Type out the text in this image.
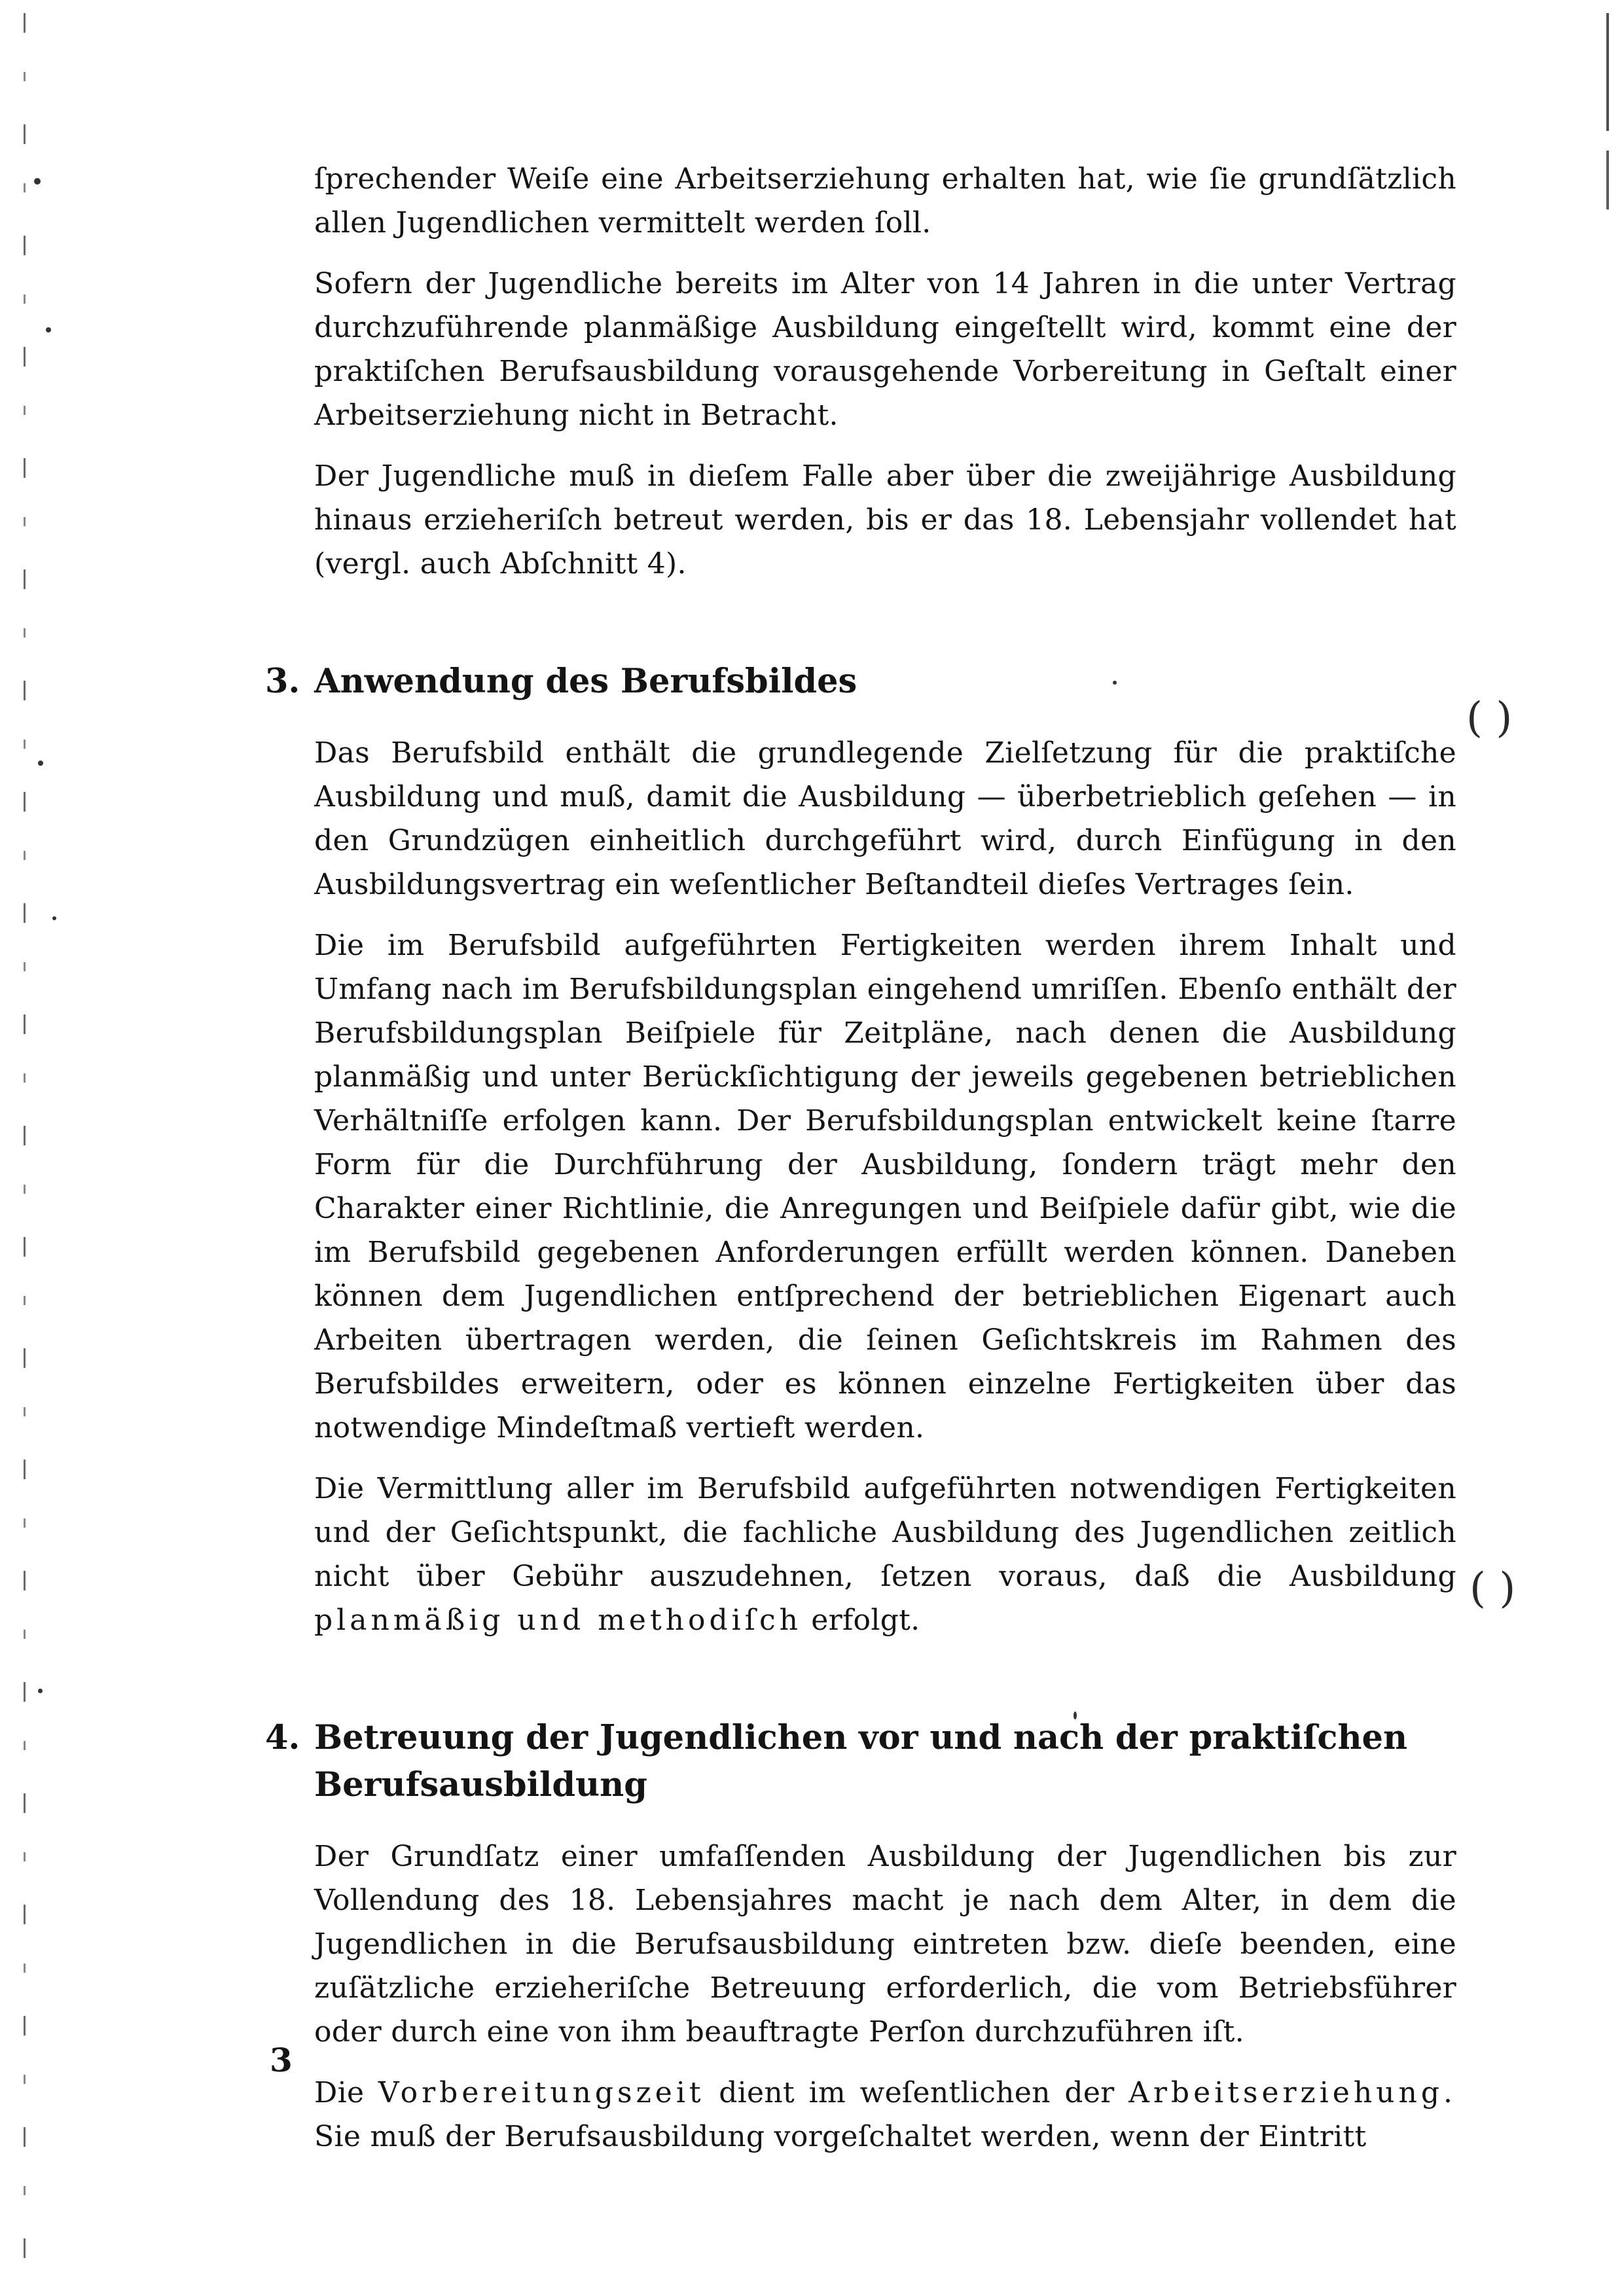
( )
( )

ſprechender Weiſe eine Arbeitserziehung erhalten hat, wie ſie grundſätzlich allen Jugendlichen vermittelt werden ſoll.

Sofern der Jugendliche bereits im Alter von 14 Jahren in die unter Vertrag durchzuführende planmäßige Ausbildung eingeſtellt wird, kommt eine der praktiſchen Berufsausbildung vorausgehende Vorbereitung in Geſtalt einer Arbeitserziehung nicht in Betracht.

Der Jugendliche muß in dieſem Falle aber über die zweijährige Ausbildung hinaus erzieheriſch betreut werden, bis er das 18. Lebensjahr vollendet hat (vergl. auch Abſchnitt 4).

3. Anwendung des Berufsbildes

Das Berufsbild enthält die grundlegende Zielſetzung für die praktiſche Ausbildung und muß, damit die Ausbildung — überbetrieblich geſehen — in den Grundzügen einheitlich durchgeführt wird, durch Einfügung in den Ausbildungsvertrag ein weſentlicher Beſtandteil dieſes Vertrages ſein.

Die im Berufsbild aufgeführten Fertigkeiten werden ihrem Inhalt und Umfang nach im Berufsbildungsplan eingehend umriſſen. Ebenſo enthält der Berufsbildungsplan Beiſpiele für Zeitpläne, nach denen die Ausbildung planmäßig und unter Berückſichtigung der jeweils gegebenen betrieblichen Verhältniſſe erfolgen kann. Der Berufsbildungsplan entwickelt keine ſtarre Form für die Durchführung der Ausbildung, ſondern trägt mehr den Charakter einer Richtlinie, die Anregungen und Beiſpiele dafür gibt, wie die im Berufsbild gegebenen Anforderungen erfüllt werden können. Daneben können dem Jugendlichen entſprechend der betrieblichen Eigenart auch Arbeiten übertragen werden, die ſeinen Geſichtskreis im Rahmen des Berufsbildes erweitern, oder es können einzelne Fertigkeiten über das notwendige Mindeſtmaß vertieft werden.

Die Vermittlung aller im Berufsbild aufgeführten notwendigen Fertigkeiten und der Geſichtspunkt, die fachliche Ausbildung des Jugendlichen zeitlich nicht über Gebühr auszudehnen, ſetzen voraus, daß die Ausbildung planmäßig und methodiſch erfolgt.

4. Betreuung der Jugendlichen vor und nach der praktiſchen Berufsausbildung

Der Grundſatz einer umfaſſenden Ausbildung der Jugendlichen bis zur Vollendung des 18. Lebensjahres macht je nach dem Alter, in dem die Jugendlichen in die Berufsausbildung eintreten bzw. dieſe beenden, eine zuſätzliche erzieheriſche Betreuung erforderlich, die vom Betriebsführer oder durch eine von ihm beauftragte Perſon durchzuführen iſt.

Die Vorbereitungszeit dient im weſentlichen der Arbeitserziehung. Sie muß der Berufsausbildung vorgeſchaltet werden, wenn der Eintritt

3
